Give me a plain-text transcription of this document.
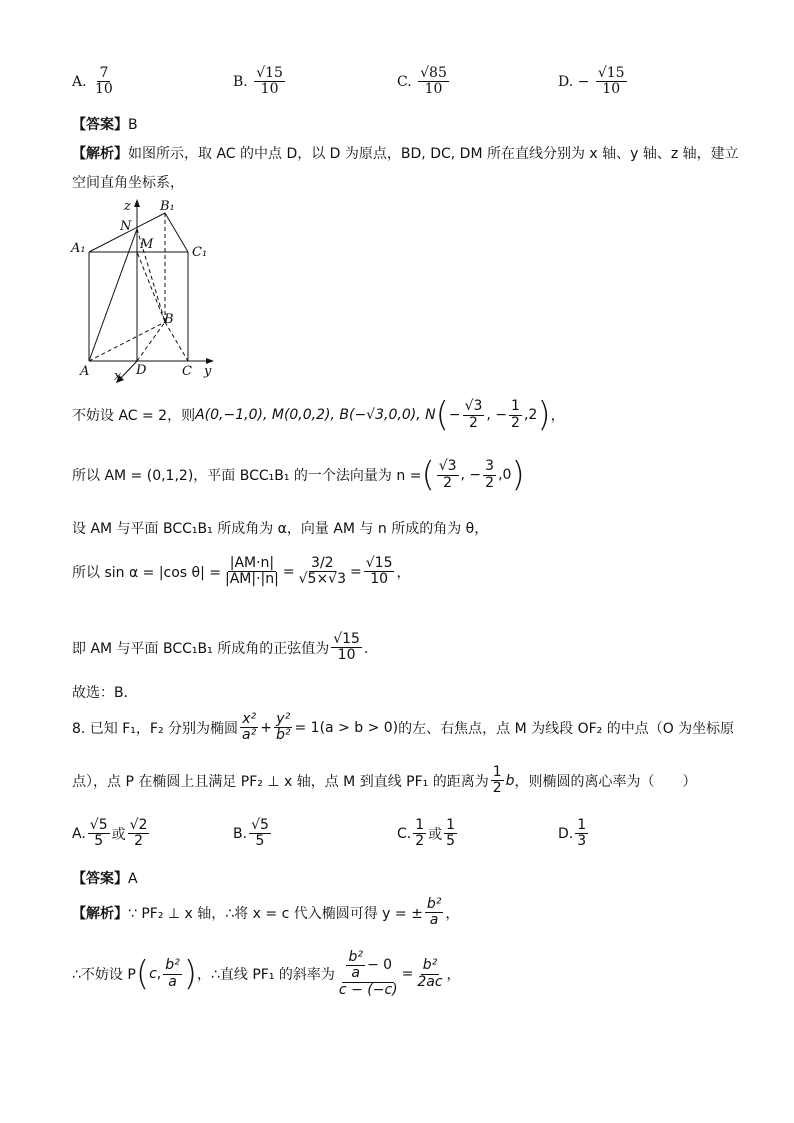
A. $\frac{7}{10}$	B. $\frac{√15}{10}$	C. $\frac{√85}{10}$	D. − $\frac{√15}{10}$
【答案】B
【解析】如图所示，取 AC 的中点 D，以 D 为原点，BD, DC, DM 所在直线分别为 x 轴、y 轴、z 轴，建立
空间直角坐标系，
z B₁
N
A₁	M
C₁
B
A	D	C
x	y
不妨设 AC = 2，则 A(0,−1,0), M(0,0,2), B(−√3,0,0), N ( − $\frac{√3}{2}$ , − $\frac{1}{2}$ , 2 ) ，
所以 AM = (0,1,2)，平面 BCC₁B₁ 的一个法向量为 n = ( $\frac{√3}{2}$ , − $\frac{3}{2}$ , 0 )
设 AM 与平面 BCC₁B₁ 所成角为 α，向量 AM 与 n 所成的角为 θ，
所以 sin α = |cos $\theta| = \frac{|AM\cdot n|}{|AM|\cdot|n|} = \frac{3/2}{√5\times√3} = \frac{√15}{10}$ ，
即 AM 与平面 BCC₁B₁ 所成角的正弦值为 $\frac{√15}{10}$ ．
故选：B．
8. 已知 F₁，F₂ 分别为椭圆 $\frac{\text{x²}}{\text{a²}} + \frac{\text{y²}}{\text{b²}} = 1(a > b > 0)$ 的左、右焦点，点 M 为线段 OF₂ 的中点（O 为坐标原
点），点 P 在椭圆上且满足 PF₂ ⊥ x 轴，点 M 到直线 PF₁ 的距离为 $\frac{1}{2}$ b ，则椭圆的离心率为（　　）
A. $\frac{√5}{5}$ 或 $\frac{√2}{2}$	B. $\frac{√5}{5}$	C. $\frac{1}{2}$ 或 $\frac{1}{5}$	D. $\frac{1}{3}$
【答案】A
【解析】 ∵ PF₂ ⊥ x 轴，∴将 x = c 代入椭圆可得 y = ± $\frac{\text{b²}}{a}$ ，
∴不妨设 P ( c , $\frac{\text{b²}}{a}$ ) ，∴直线 PF₁ 的斜率为 $\frac{\frac{\text{b²}}{a} - 0}{c - (-c)} = \frac{\text{b²}}{2ac}$ ，
